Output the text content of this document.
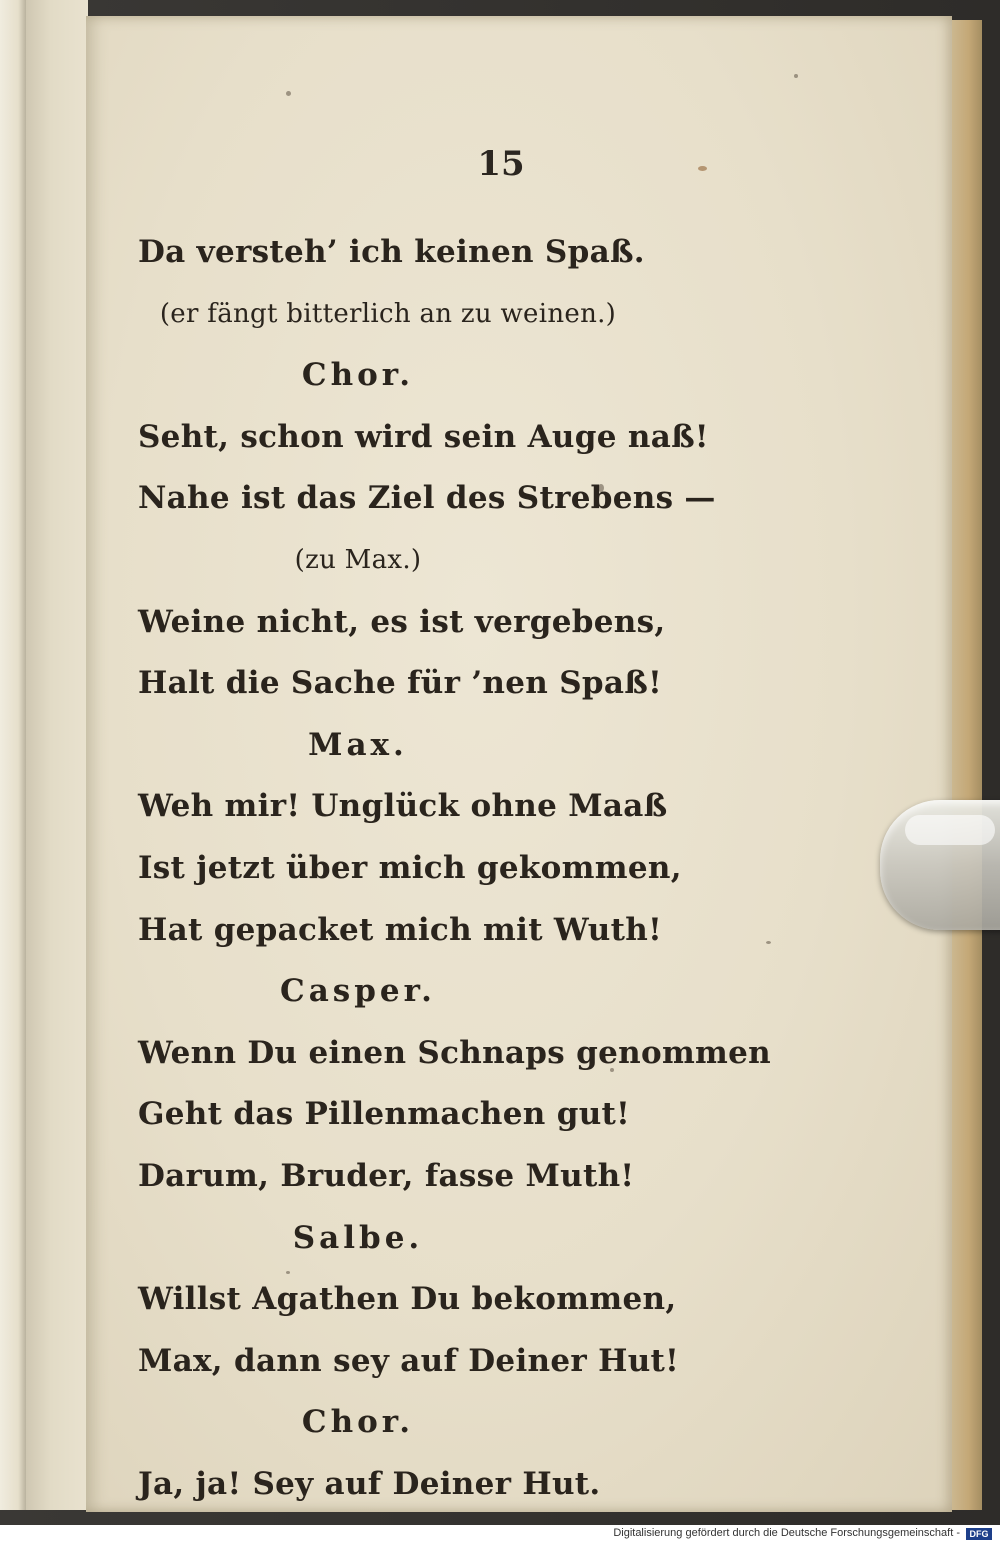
15
Da versteh’ ich keinen Spaß.
(er fängt bitterlich an zu weinen.)
Chor.
Seht, schon wird sein Auge naß!
Nahe ist das Ziel des Strebens —
(zu Max.)
Weine nicht, es ist vergebens,
Halt die Sache für ’nen Spaß!
Max.
Weh mir! Unglück ohne Maaß
Ist jetzt über mich gekommen,
Hat gepacket mich mit Wuth!
Casper.
Wenn Du einen Schnaps genommen
Geht das Pillenmachen gut!
Darum, Bruder, fasse Muth!
Salbe.
Willst Agathen Du bekommen,
Max, dann sey auf Deiner Hut!
Chor.
Ja, ja! Sey auf Deiner Hut.
Digitalisierung gefördert durch die Deutsche Forschungsgemeinschaft -	DFG
